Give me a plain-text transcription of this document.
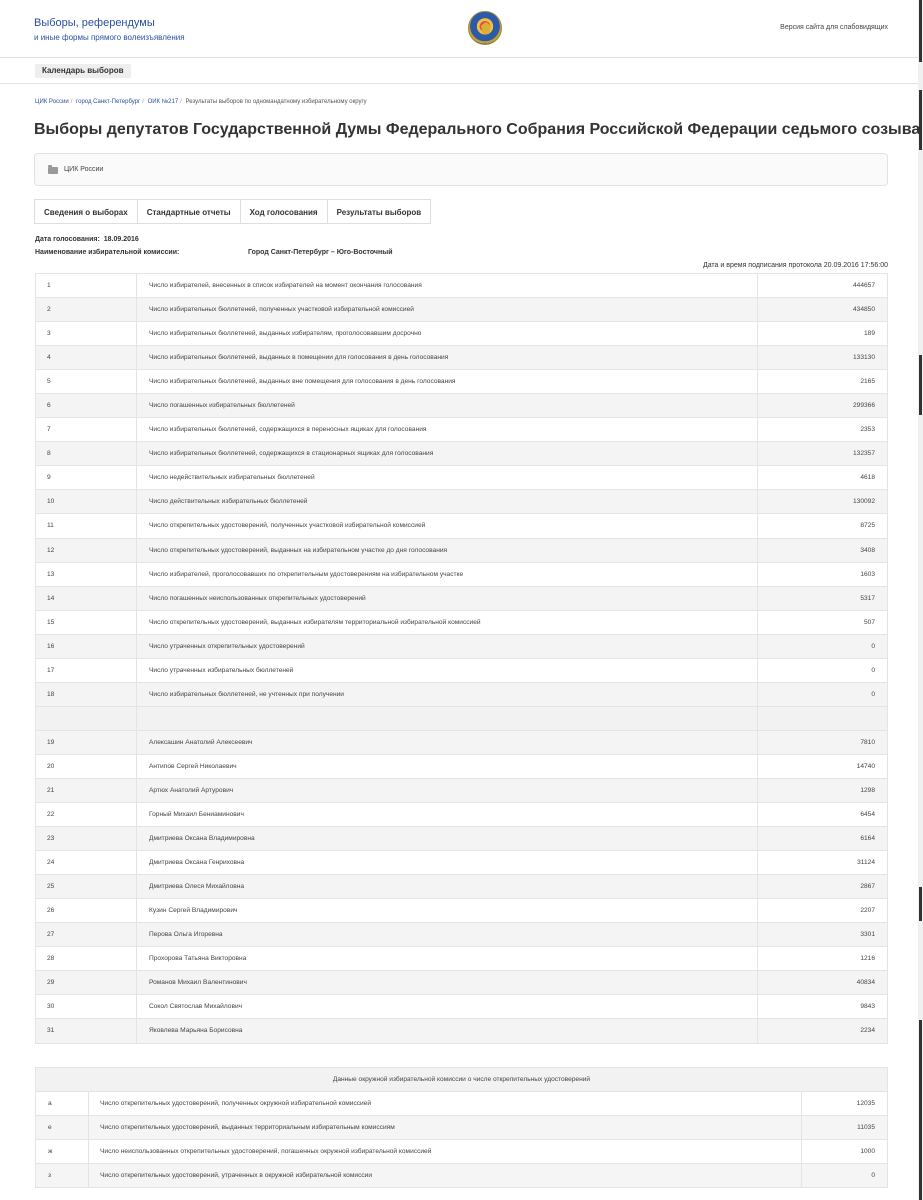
Выборы, референдумы
и иные формы прямого волеизъявления
Версия сайта для слабовидящих
Календарь выборов
ЦИК России / город Санкт-Петербург / ОИК №217 / Результаты выборов по одномандатному избирательному округу
Выборы депутатов Государственной Думы Федерального Собрания Российской Федерации седьмого созыва
ЦИК России
Сведения о выборах	Стандартные отчеты	Ход голосования	Результаты выборов
Дата голосования: 18.09.2016
Наименование избирательной комиссии:	Город Санкт-Петербург – Юго-Восточный
Дата и время подписания протокола 20.09.2016 17:56:00
1	Число избирателей, внесенных в список избирателей на момент окончания голосования	444657
2	Число избирательных бюллетеней, полученных участковой избирательной комиссией	434850
3	Число избирательных бюллетеней, выданных избирателям, проголосовавшим досрочно	189
4	Число избирательных бюллетеней, выданных в помещении для голосования в день голосования	133130
5	Число избирательных бюллетеней, выданных вне помещения для голосования в день голосования	2165
6	Число погашенных избирательных бюллетеней	299366
7	Число избирательных бюллетеней, содержащихся в переносных ящиках для голосования	2353
8	Число избирательных бюллетеней, содержащихся в стационарных ящиках для голосования	132357
9	Число недействительных избирательных бюллетеней	4618
10	Число действительных избирательных бюллетеней	130092
11	Число открепительных удостоверений, полученных участковой избирательной комиссией	8725
12	Число открепительных удостоверений, выданных на избирательном участке до дня голосования	3408
13	Число избирателей, проголосовавших по открепительным удостоверениям на избирательном участке	1603
14	Число погашенных неиспользованных открепительных удостоверений	5317
15	Число открепительных удостоверений, выданных избирателям территориальной избирательной комиссией	507
16	Число утраченных открепительных удостоверений	0
17	Число утраченных избирательных бюллетеней	0
18	Число избирательных бюллетеней, не учтенных при получении	0

19	Алексашин Анатолий Алексеевич	7810
20	Антипов Сергей Николаевич	14740
21	Артюх Анатолий Артурович	1298
22	Горный Михаил Бениаминович	6454
23	Дмитриева Оксана Владимировна	6164
24	Дмитриева Оксана Генриховна	31124
25	Дмитриева Олеся Михайловна	2867
26	Кузин Сергей Владимирович	2207
27	Перова Ольга Игоревна	3301
28	Прохорова Татьяна Викторовна	1216
29	Романов Михаил Валентинович	40834
30	Сокол Святослав Михайлович	9843
31	Яковлева Марьяна Борисовна	2234
Данные окружной избирательной комиссии о числе открепительных удостоверений		
а	Число открепительных удостоверений, полученных окружной избирательной комиссией	12035
е	Число открепительных удостоверений, выданных территориальным избирательным комиссиям	11035
ж	Число неиспользованных открепительных удостоверений, погашенных окружной избирательной комиссией	1000
з	Число открепительных удостоверений, утраченных в окружной избирательной комиссии	0
